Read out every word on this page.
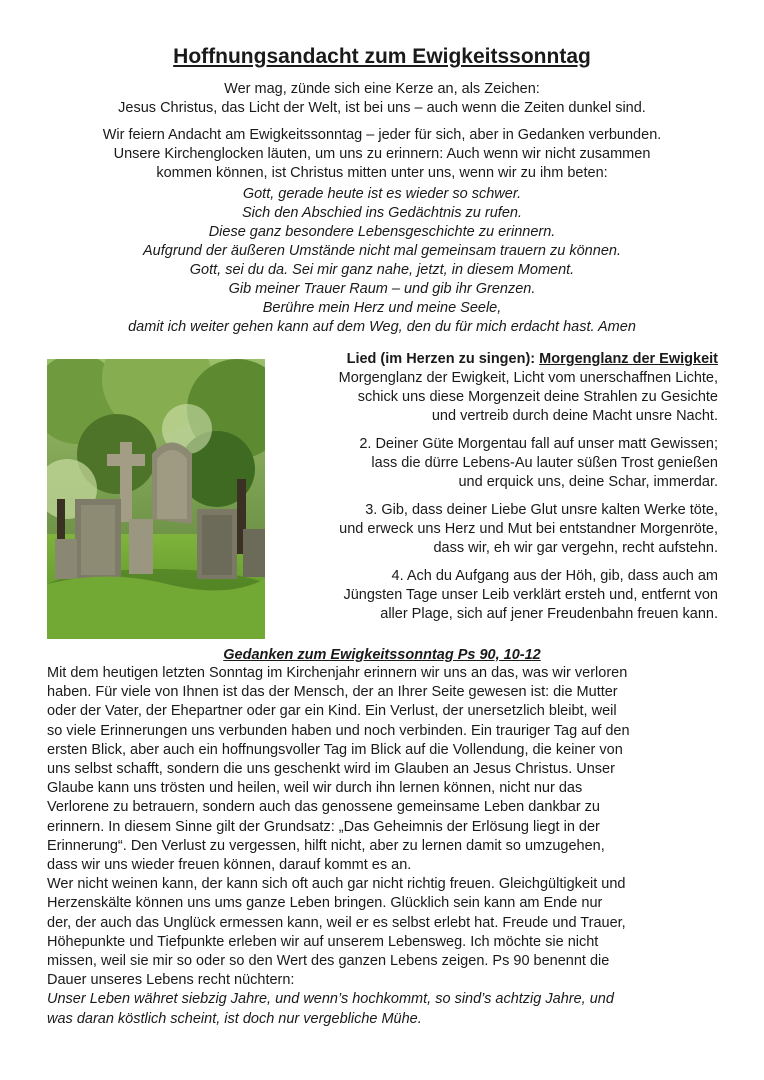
Hoffnungsandacht zum Ewigkeitssonntag

Wer mag, zünde sich eine Kerze an, als Zeichen:

Jesus Christus, das Licht der Welt, ist bei uns – auch wenn die Zeiten dunkel sind.

Wir feiern Andacht am Ewigkeitssonntag – jeder für sich, aber in Gedanken verbunden.

Unsere Kirchenglocken läuten, um uns zu erinnern: Auch wenn wir nicht zusammen

kommen können, ist Christus mitten unter uns, wenn wir zu ihm beten:

Gott, gerade heute ist es wieder so schwer.

Sich den Abschied ins Gedächtnis zu rufen.

Diese ganz besondere Lebensgeschichte zu erinnern.

Aufgrund der äußeren Umstände nicht mal gemeinsam trauern zu können.

Gott, sei du da. Sei mir ganz nahe, jetzt, in diesem Moment.

Gib meiner Trauer Raum – und gib ihr Grenzen.

Berühre mein Herz und meine Seele,

damit ich weiter gehen kann auf dem Weg, den du für mich erdacht hast. Amen

Lied (im Herzen zu singen): Morgenglanz der Ewigkeit

Morgenglanz der Ewigkeit, Licht vom unerschaffnen Lichte,

schick uns diese Morgenzeit deine Strahlen zu Gesichte

und vertreib durch deine Macht unsre Nacht.

2. Deiner Güte Morgentau fall auf unser matt Gewissen;

lass die dürre Lebens-Au lauter süßen Trost genießen

und erquick uns, deine Schar, immerdar.

3. Gib, dass deiner Liebe Glut unsre kalten Werke töte,

und erweck uns Herz und Mut bei entstandner Morgenröte,

dass wir, eh wir gar vergehn, recht aufstehn.

4. Ach du Aufgang aus der Höh, gib, dass auch am

Jüngsten Tage unser Leib verklärt ersteh und, entfernt von

aller Plage, sich auf jener Freudenbahn freuen kann.

Gedanken zum Ewigkeitssonntag Ps 90, 10-12

Mit dem heutigen letzten Sonntag im Kirchenjahr erinnern wir uns an das, was wir verloren

haben. Für viele von Ihnen ist das der Mensch, der an Ihrer Seite gewesen ist: die Mutter

oder der Vater, der Ehepartner oder gar ein Kind. Ein Verlust, der unersetzlich bleibt, weil

so viele Erinnerungen uns verbunden haben und noch verbinden. Ein trauriger Tag auf den

ersten Blick, aber auch ein hoffnungsvoller Tag im Blick auf die Vollendung, die keiner von

uns selbst schafft, sondern die uns geschenkt wird im Glauben an Jesus Christus. Unser

Glaube kann uns trösten und heilen, weil wir durch ihn lernen können, nicht nur das

Verlorene zu betrauern, sondern auch das genossene gemeinsame Leben dankbar zu

erinnern. In diesem Sinne gilt der Grundsatz: „Das Geheimnis der Erlösung liegt in der

Erinnerung“. Den Verlust zu vergessen, hilft nicht, aber zu lernen damit so umzugehen,

dass wir uns wieder freuen können, darauf kommt es an.

Wer nicht weinen kann, der kann sich oft auch gar nicht richtig freuen. Gleichgültigkeit und

Herzenskälte können uns ums ganze Leben bringen. Glücklich sein kann am Ende nur

der, der auch das Unglück ermessen kann, weil er es selbst erlebt hat. Freude und Trauer,

Höhepunkte und Tiefpunkte erleben wir auf unserem Lebensweg. Ich möchte sie nicht

missen, weil sie mir so oder so den Wert des ganzen Lebens zeigen. Ps 90 benennt die

Dauer unseres Lebens recht nüchtern:

Unser Leben währet siebzig Jahre, und wenn’s hochkommt, so sind’s achtzig Jahre, und

was daran köstlich scheint, ist doch nur vergebliche Mühe.
